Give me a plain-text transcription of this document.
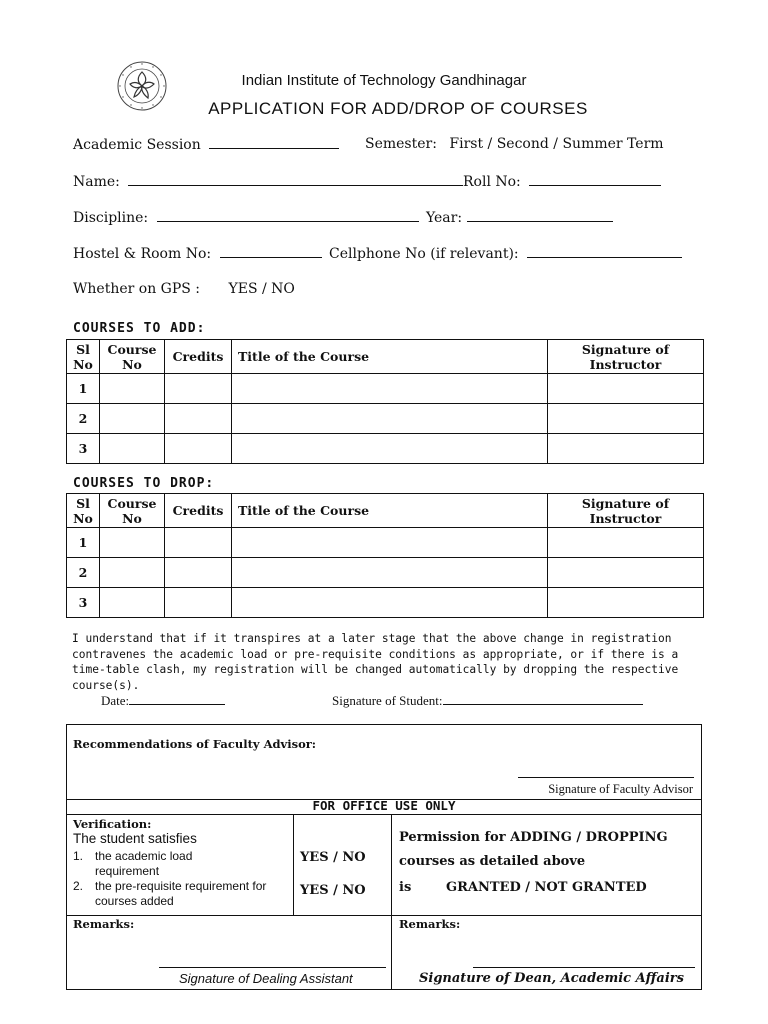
Indian Institute of Technology Gandhinagar
APPLICATION FOR ADD/DROP OF COURSES
Academic Session	Semester: First / Second / Summer Term
Name:	Roll No:
Discipline:	Year:
Hostel & Room No:	Cellphone No (if relevant):
Whether on GPS : YES / NO
COURSES TO ADD:
Sl No	Course No	Credits	Title of the Course	Signature of Instructor
1				
2				
3				
COURSES TO DROP:
Sl No	Course No	Credits	Title of the Course	Signature of Instructor
1				
2				
3				
I understand that if it transpires at a later stage that the above change in registration contravenes the academic load or pre-requisite conditions as appropriate, or if there is a time-table clash, my registration will be changed automatically by dropping the respective course(s).
Date:	Signature of Student:
Recommendations of Faculty Advisor:
Signature of Faculty Advisor
FOR OFFICE USE ONLY
Verification:
The student satisfies
1. the academic load requirement
2. the pre-requisite requirement for courses added
YES / NO
YES / NO
Permission for ADDING / DROPPING
courses as detailed above
is	GRANTED / NOT GRANTED
Remarks:	Remarks:
Signature of Dealing Assistant	Signature of Dean, Academic Affairs
